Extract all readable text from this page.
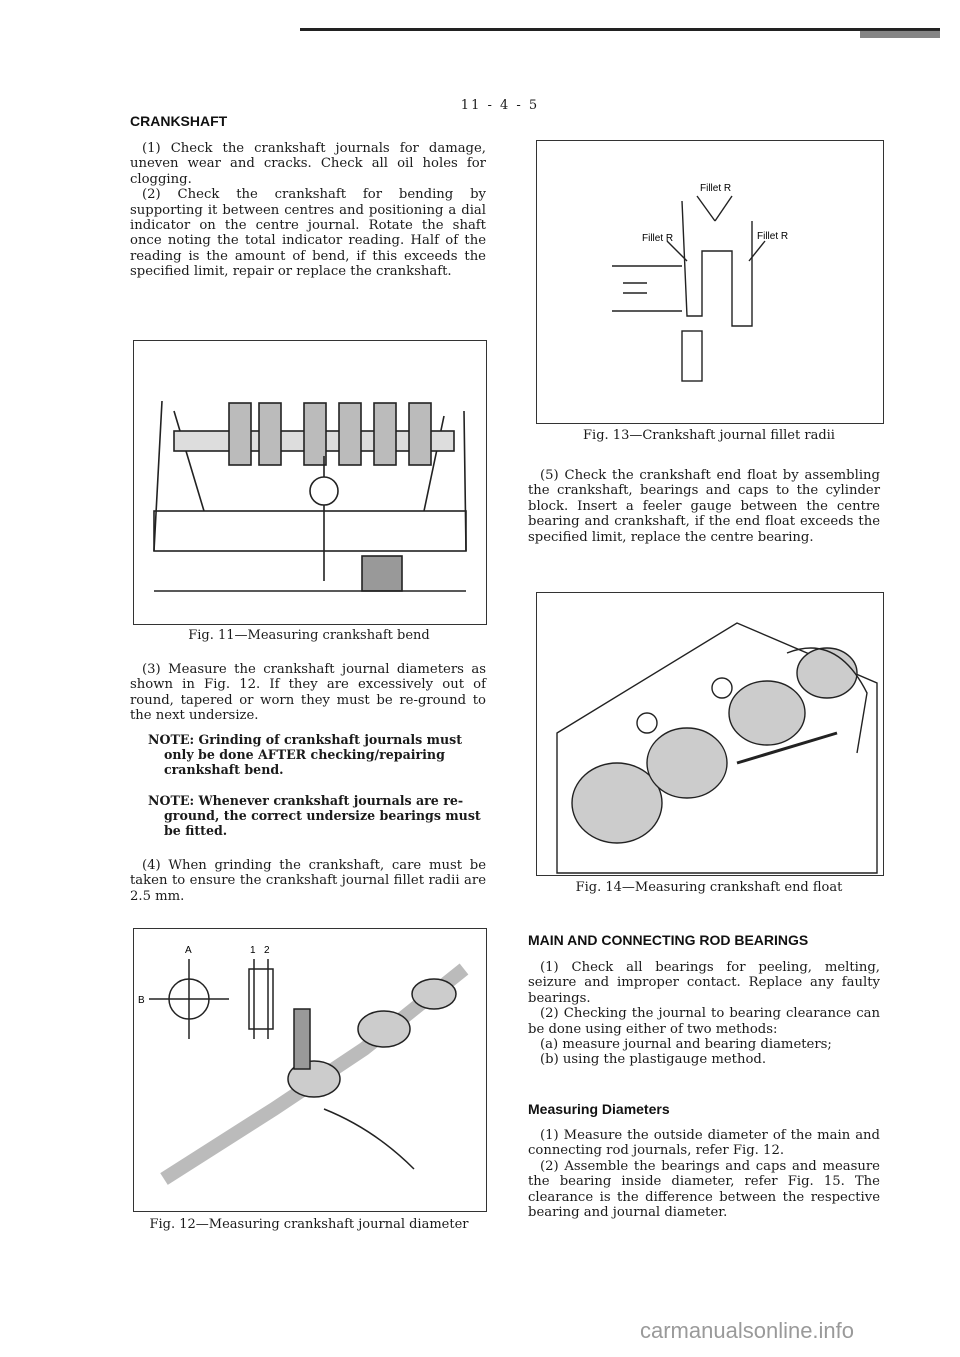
11 - 4 - 5
CRANKSHAFT

(1) Check the crankshaft journals for damage, uneven wear and cracks. Check all oil holes for clogging.

(2) Check the crankshaft for bending by supporting it between centres and positioning a dial indicator on the centre journal. Rotate the shaft once noting the total indicator reading. Half of the reading is the amount of bend, if this exceeds the specified limit, repair or replace the crankshaft.

Fig. 11—Measuring crankshaft bend

(3) Measure the crankshaft journal diameters as shown in Fig. 12. If they are excessively out of round, tapered or worn they must be re-ground to the next undersize.

NOTE: Grinding of crankshaft journals must
only be done AFTER checking/repairing crankshaft bend.
NOTE: Whenever crankshaft journals are re-
ground, the correct undersize bearings must be fitted.

(4) When grinding the crankshaft, care must be taken to ensure the crankshaft journal fillet radii are 2.5 mm.

A
B
1 2
Fig. 12—Measuring crankshaft journal diameter
Fillet R
Fillet R	Fillet R
Fig. 13—Crankshaft journal fillet radii

(5) Check the crankshaft end float by assembling the crankshaft, bearings and caps to the cylinder block. Insert a feeler gauge between the centre bearing and crankshaft, if the end float exceeds the specified limit, replace the centre bearing.

Fig. 14—Measuring crankshaft end float
MAIN AND CONNECTING ROD BEARINGS

(1) Check all bearings for peeling, melting, seizure and improper contact. Replace any faulty bearings.

(2) Checking the journal to bearing clearance can be done using either of two methods:

(a) measure journal and bearing diameters;

(b) using the plastigauge method.

Measuring Diameters

(1) Measure the outside diameter of the main and connecting rod journals, refer Fig. 12.

(2) Assemble the bearings and caps and measure the bearing inside diameter, refer Fig. 15. The clearance is the difference between the respective bearing and journal diameter.

carmanualsonline.info
